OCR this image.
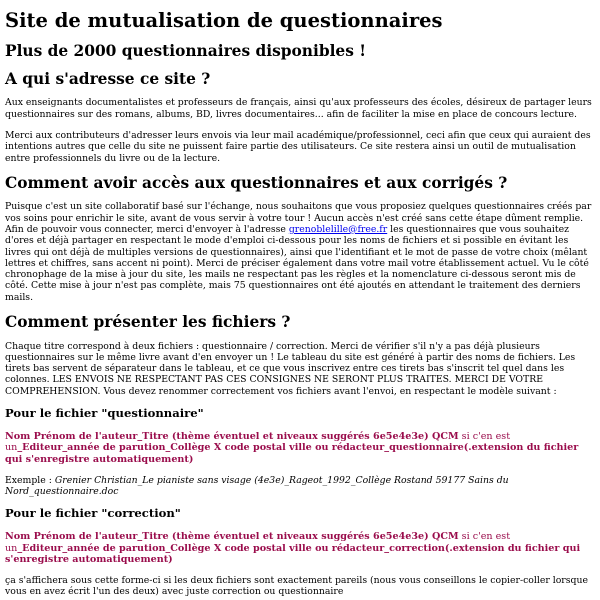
Site de mutualisation de questionnaires
Plus de 2000 questionnaires disponibles !
A qui s'adresse ce site ?

Aux enseignants documentalistes et professeurs de français, ainsi qu'aux professeurs des écoles, désireux de partager leurs questionnaires sur des romans, albums, BD, livres documentaires... afin de faciliter la mise en place de concours lecture.

Merci aux contributeurs d'adresser leurs envois via leur mail académique/professionnel, ceci afin que ceux qui auraient des intentions autres que celle du site ne puissent faire partie des utilisateurs. Ce site restera ainsi un outil de mutualisation entre professionnels du livre ou de la lecture.

Comment avoir accès aux questionnaires et aux corrigés ?

Puisque c'est un site collaboratif basé sur l'échange, nous souhaitons que vous proposiez quelques questionnaires créés par vos soins pour enrichir le site, avant de vous servir à votre tour ! Aucun accès n'est créé sans cette étape dûment remplie. Afin de pouvoir vous connecter, merci d'envoyer à l'adresse grenoblelille@free.fr les questionnaires que vous souhaitez d'ores et déjà partager en respectant le mode d'emploi ci-dessous pour les noms de fichiers et si possible en évitant les livres qui ont déjà de multiples versions de questionnaires), ainsi que l'identifiant et le mot de passe de votre choix (mêlant lettres et chiffres, sans accent ni point). Merci de préciser également dans votre mail votre établissement actuel. Vu le côté chronophage de la mise à jour du site, les mails ne respectant pas les règles et la nomenclature ci-dessous seront mis de côté. Cette mise à jour n'est pas complète, mais 75 questionnaires ont été ajoutés en attendant le traitement des derniers mails.

Comment présenter les fichiers ?

Chaque titre correspond à deux fichiers : questionnaire / correction. Merci de vérifier s'il n'y a pas déjà plusieurs questionnaires sur le même livre avant d'en envoyer un ! Le tableau du site est généré à partir des noms de fichiers. Les tirets bas servent de séparateur dans le tableau, et ce que vous inscrivez entre ces tirets bas s'inscrit tel quel dans les colonnes. LES ENVOIS NE RESPECTANT PAS CES CONSIGNES NE SERONT PLUS TRAITES. MERCI DE VOTRE COMPREHENSION. Vous devez renommer correctement vos fichiers avant l'envoi, en respectant le modèle suivant :

Pour le fichier "questionnaire"

Nom Prénom de l'auteur_Titre (thème éventuel et niveaux suggérés 6e5e4e3e) QCM si c'en est un_Editeur_année de parution_Collège X code postal ville ou rédacteur_questionnaire(.extension du fichier qui s'enregistre automatiquement)

Exemple : Grenier Christian_Le pianiste sans visage (4e3e)_Rageot_1992_Collège Rostand 59177 Sains du Nord_questionnaire.doc

Pour le fichier "correction"

Nom Prénom de l'auteur_Titre (thème éventuel et niveaux suggérés 6e5e4e3e) QCM si c'en est un_Editeur_année de parution_Collège X code postal ville ou rédacteur_correction(.extension du fichier qui s'enregistre automatiquement)

ça s'affichera sous cette forme-ci si les deux fichiers sont exactement pareils (nous vous conseillons le copier-coller lorsque vous en avez écrit l'un des deux) avec juste correction ou questionnaire
